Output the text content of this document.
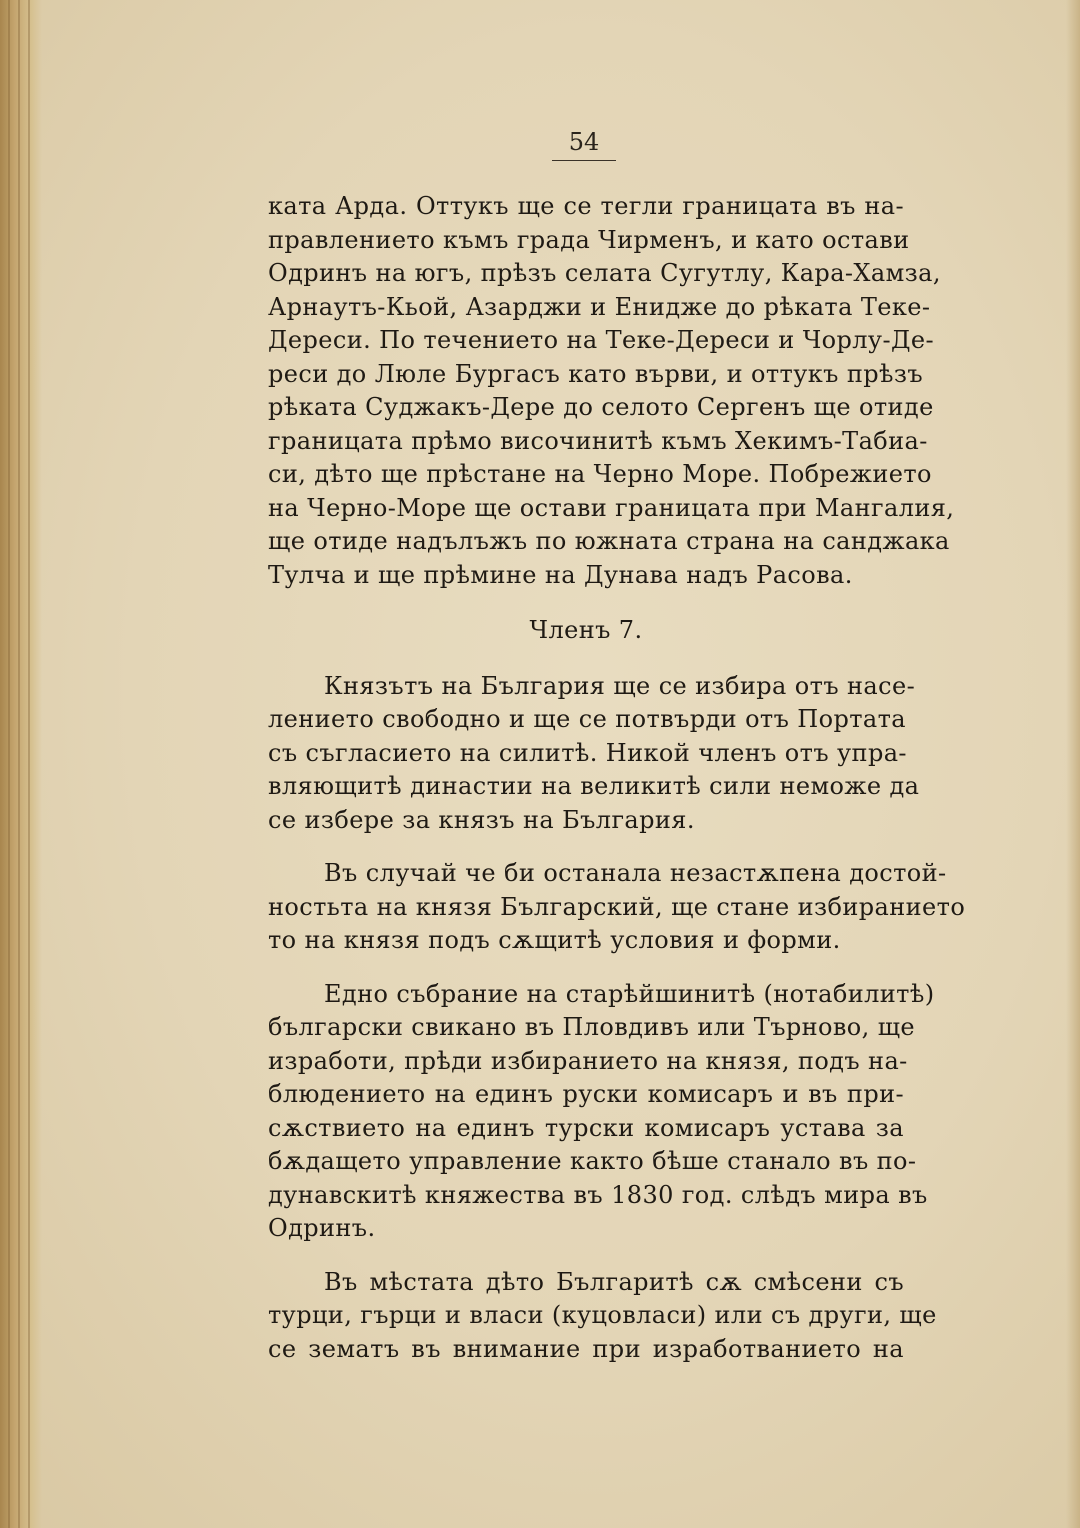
54
ката Арда. Оттукъ ще се тегли границата въ на-
правлението къмъ града Чирменъ, и като остави
Одринъ на югъ, прѣзъ селата Сугутлу, Кара-Хамза,
Арнаутъ-Кьой, Азарджи и Енидже до рѣката Теке-
Дереси. По течението на Теке-Дереси и Чорлу-Де-
реси до Люле Бургасъ като върви, и оттукъ прѣзъ
рѣката Суджакъ-Дере до селото Сергенъ ще отиде
границата прѣмо височинитѣ къмъ Хекимъ-Табиа-
си, дѣто ще прѣстане на Черно Море. Побрежието
на Черно-Море ще остави границата при Мангалия,
ще отиде надълъжъ по южната страна на санджака
Тулча и ще прѣмине на Дунава надъ Расова.
Членъ 7.
Князътъ на България ще се избира отъ насе-
лението свободно и ще се потвърди отъ Портата
съ съгласието на силитѣ. Никой членъ отъ упра-
вляющитѣ династии на великитѣ сили неможе да
се избере за князъ на България.
Въ случай че би останала незастѫпена достой-
ностьта на князя Българский, ще стане избиранието
то на князя подъ сѫщитѣ условия и форми.
Едно събрание на старѣйшинитѣ (нотабилитѣ)
български свикано въ Пловдивъ или Търново, ще
изработи, прѣди избиранието на князя, подъ на-
блюдението на единъ руски комисаръ и въ при-
сѫствието на единъ турски комисаръ устава за
бѫдащето управление както бѣше станало въ по-
дунавскитѣ княжества въ 1830 год. слѣдъ мира въ
Одринъ.
Въ мѣстата дѣто Българитѣ сѫ смѣсени съ
турци, гърци и власи (куцовласи) или съ други, ще
се зематъ въ внимание при изработванието на
